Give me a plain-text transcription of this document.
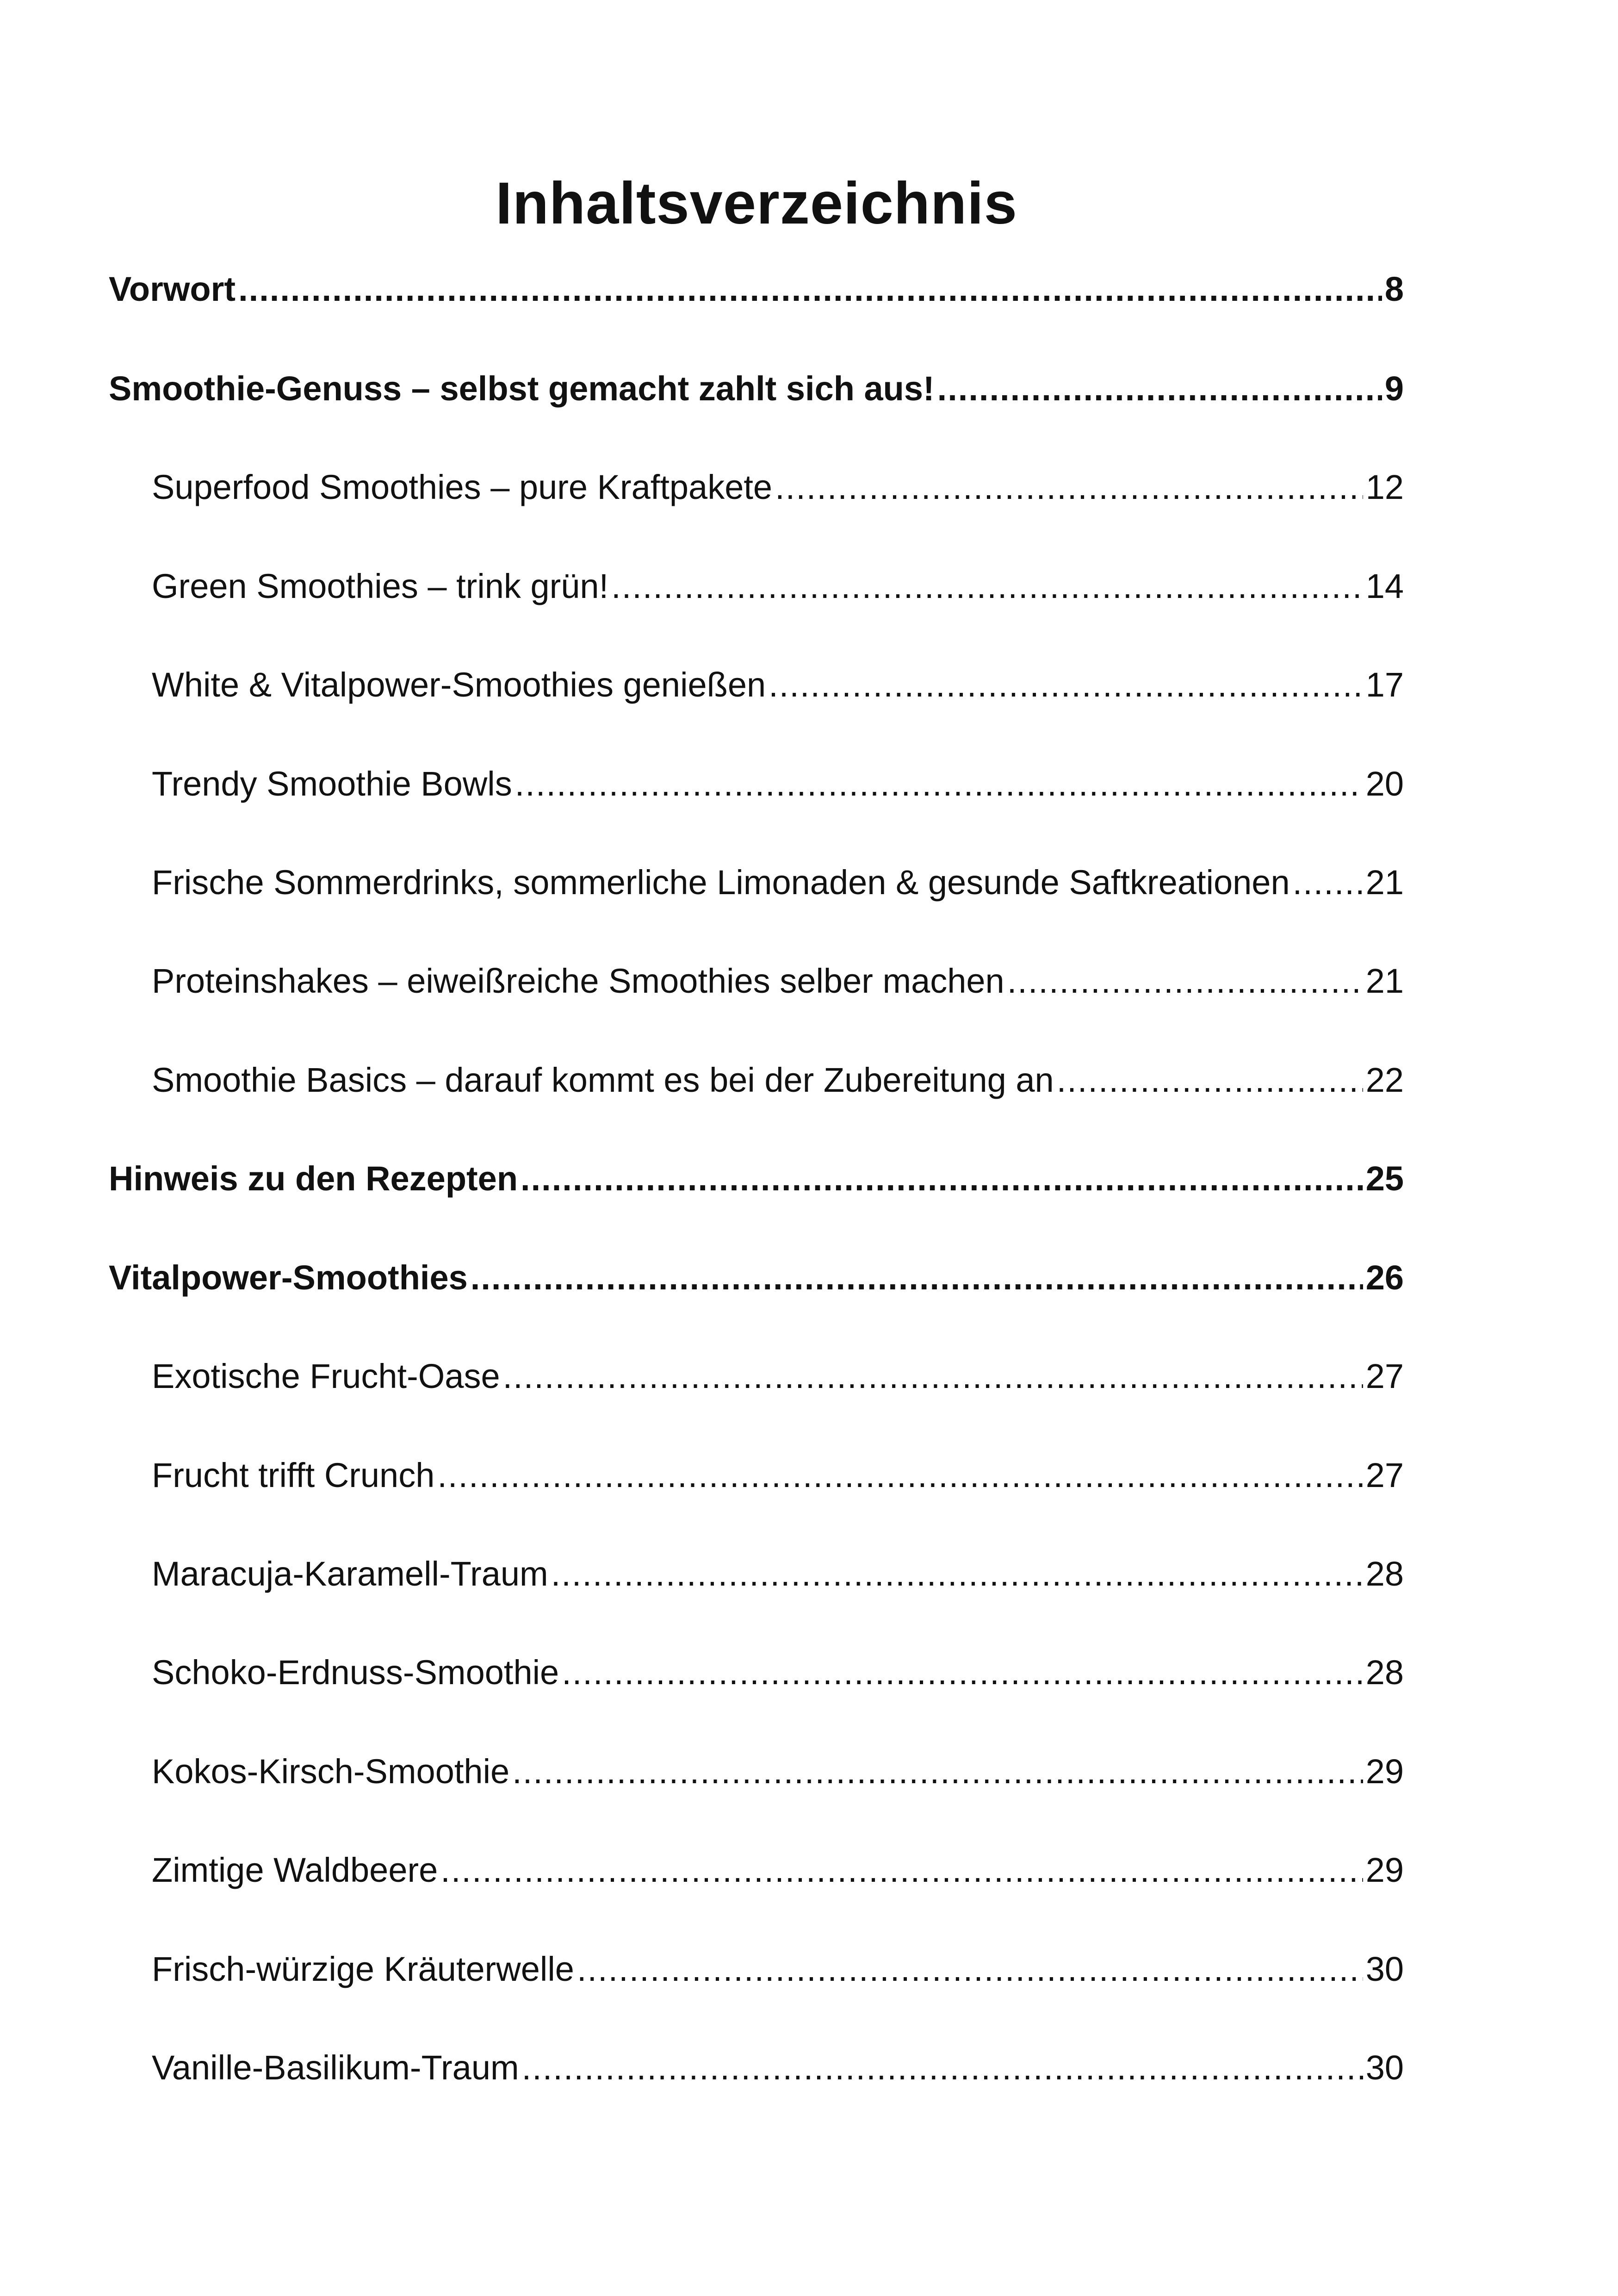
Inhaltsverzeichnis
Vorwort .....	8
Smoothie-Genuss – selbst gemacht zahlt sich aus! .....	9
Superfood Smoothies – pure Kraftpakete .....	12
Green Smoothies – trink grün! .....	14
White & Vitalpower-Smoothies genießen .....	17
Trendy Smoothie Bowls .....	20
Frische Sommerdrinks, sommerliche Limonaden & gesunde Saftkreationen ..... 21
Proteinshakes – eiweißreiche Smoothies selber machen .....	21
Smoothie Basics – darauf kommt es bei der Zubereitung an .....	22
Hinweis zu den Rezepten .....	25
Vitalpower-Smoothies .....	26
Exotische Frucht-Oase .....	27
Frucht trifft Crunch .....	27
Maracuja-Karamell-Traum .....	28
Schoko-Erdnuss-Smoothie .....	28
Kokos-Kirsch-Smoothie .....	29
Zimtige Waldbeere .....	29
Frisch-würzige Kräuterwelle .....	30
Vanille-Basilikum-Traum .....	30
